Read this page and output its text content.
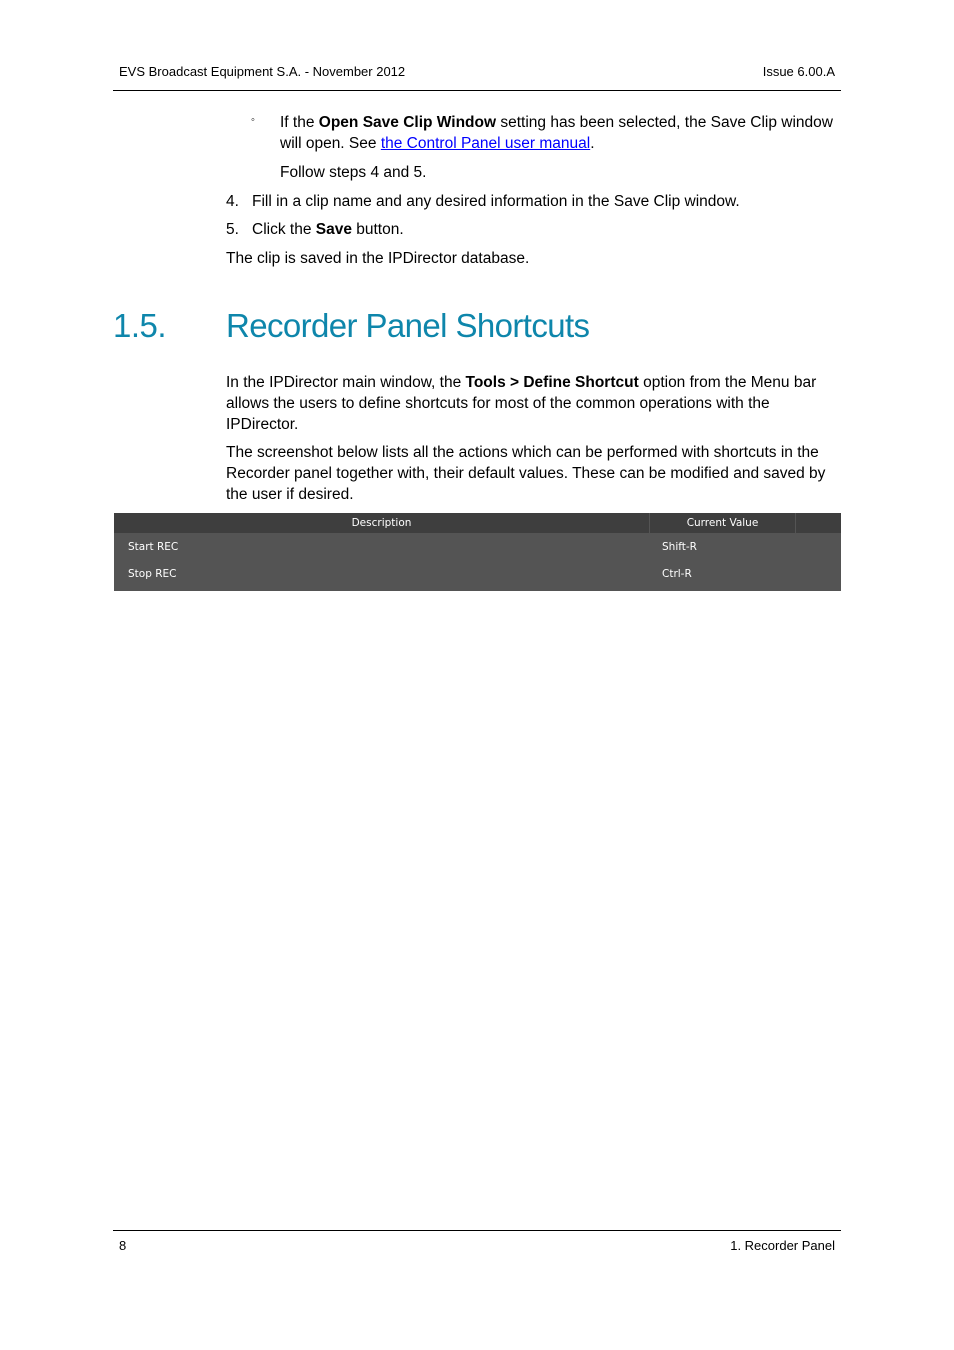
EVS Broadcast Equipment S.A. - November 2012	Issue 6.00.A
◦ If the Open Save Clip Window setting has been selected, the Save Clip window
will open. See the Control Panel user manual.
Follow steps 4 and 5.
4. Fill in a clip name and any desired information in the Save Clip window.
5. Click the Save button.
The clip is saved in the IPDirector database.
1.5. Recorder Panel Shortcuts
In the IPDirector main window, the Tools > Define Shortcut option from the Menu bar
allows the users to define shortcuts for most of the common operations with the
IPDirector.
The screenshot below lists all the actions which can be performed with shortcuts in the
Recorder panel together with, their default values. These can be modified and saved by
the user if desired.
Description	Current Value
Start REC	Shift-R
Stop REC	Ctrl-R
8	1. Recorder Panel
